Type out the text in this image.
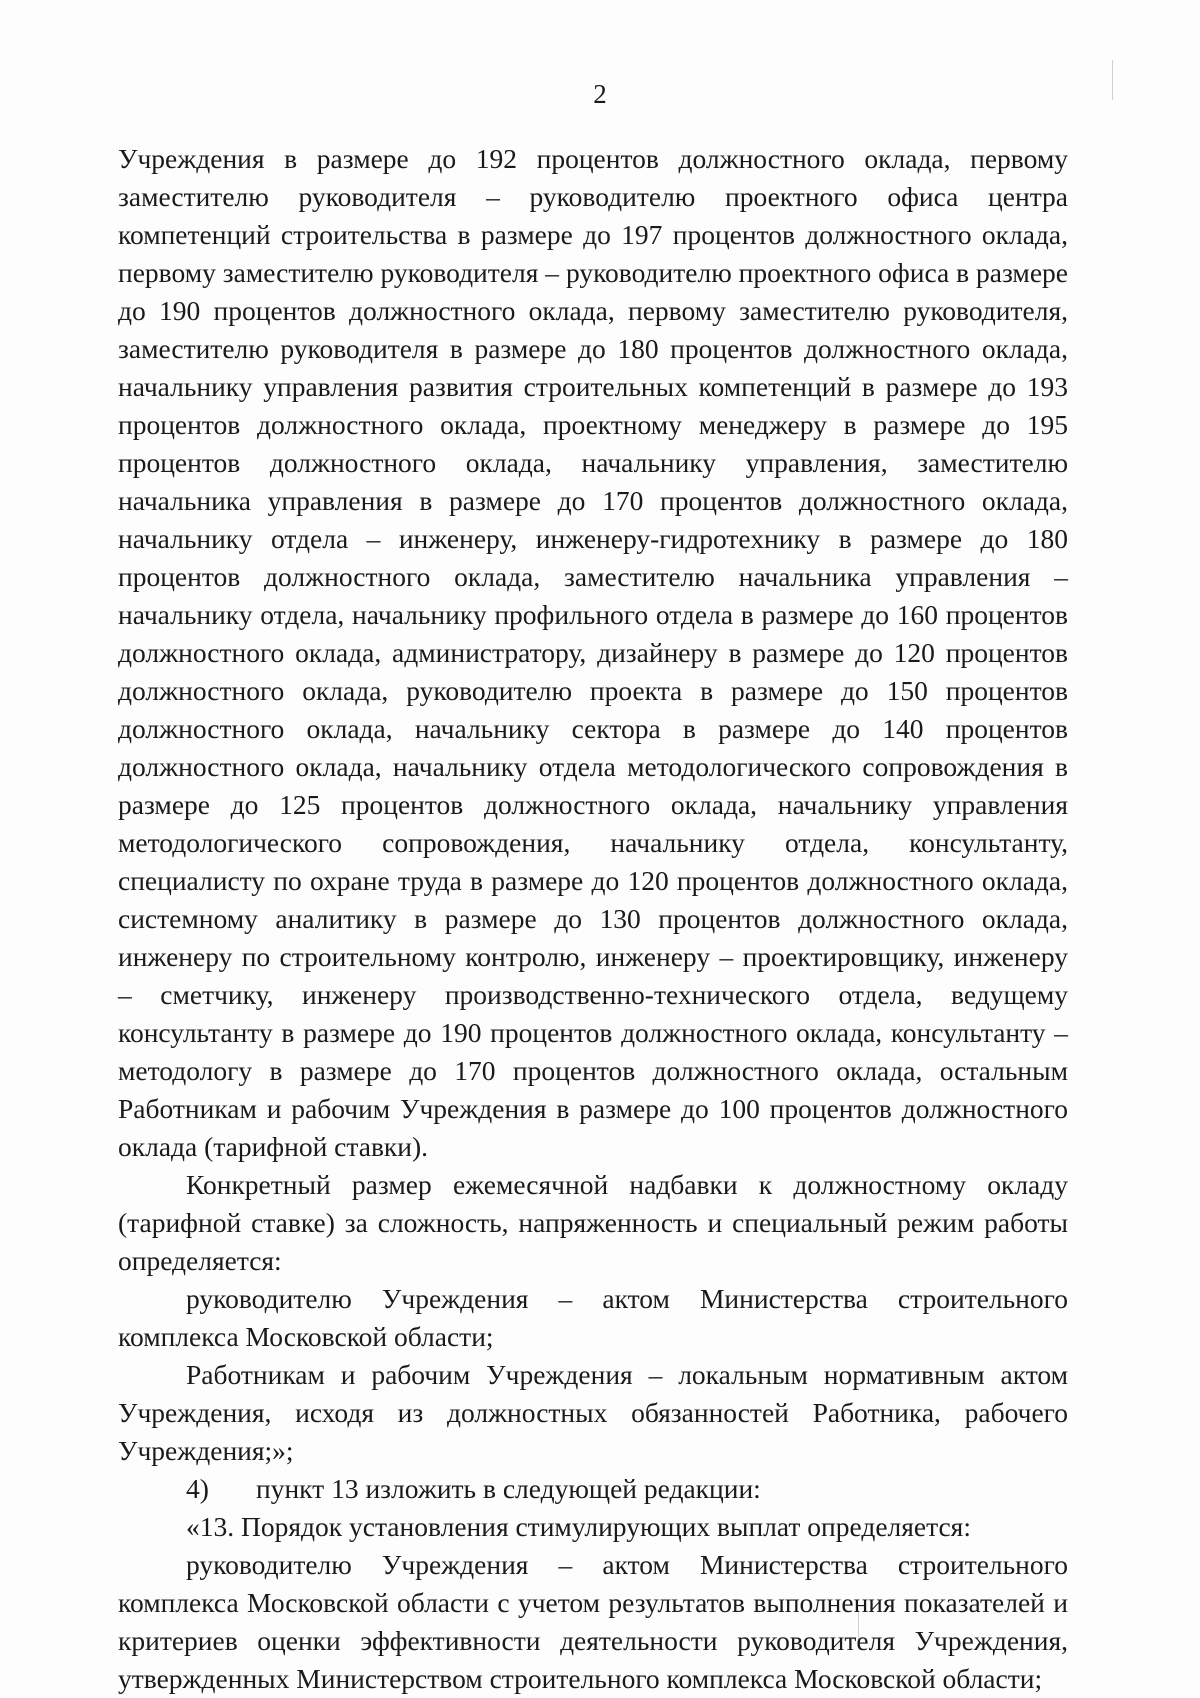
2

Учреждения в размере до 192 процентов должностного оклада, первому заместителю руководителя – руководителю проектного офиса центра компетенций строительства в размере до 197 процентов должностного оклада, первому заместителю руководителя – руководителю проектного офиса в размере до 190 процентов должностного оклада, первому заместителю руководителя, заместителю руководителя в размере до 180 процентов должностного оклада, начальнику управления развития строительных компетенций в размере до 193 процентов должностного оклада, проектному менеджеру в размере до 195 процентов должностного оклада, начальнику управления, заместителю начальника управления в размере до 170 процентов должностного оклада, начальнику отдела – инженеру, инженеру-гидротехнику в размере до 180 процентов должностного оклада, заместителю начальника управления – начальнику отдела, начальнику профильного отдела в размере до 160 процентов должностного оклада, администратору, дизайнеру в размере до 120 процентов должностного оклада, руководителю проекта в размере до 150 процентов должностного оклада, начальнику сектора в размере до 140 процентов должностного оклада, начальнику отдела методологического сопровождения в размере до 125 процентов должностного оклада, начальнику управления методологического сопровождения, начальнику отдела, консультанту, специалисту по охране труда в размере до 120 процентов должностного оклада, системному аналитику в размере до 130 процентов должностного оклада, инженеру по строительному контролю, инженеру – проектировщику, инженеру – сметчику, инженеру производственно-технического отдела, ведущему консультанту в размере до 190 процентов должностного оклада, консультанту – методологу в размере до 170 процентов должностного оклада, остальным Работникам и рабочим Учреждения в размере до 100 процентов должностного оклада (тарифной ставки).

Конкретный размер ежемесячной надбавки к должностному окладу (тарифной ставке) за сложность, напряженность и специальный режим работы определяется:

руководителю Учреждения – актом Министерства строительного комплекса Московской области;

Работникам и рабочим Учреждения – локальным нормативным актом Учреждения, исходя из должностных обязанностей Работника, рабочего Учреждения;»;

4) пункт 13 изложить в следующей редакции:

«13. Порядок установления стимулирующих выплат определяется:

руководителю Учреждения – актом Министерства строительного комплекса Московской области с учетом результатов выполнения показателей и критериев оценки эффективности деятельности руководителя Учреждения, утвержденных Министерством строительного комплекса Московской области;
